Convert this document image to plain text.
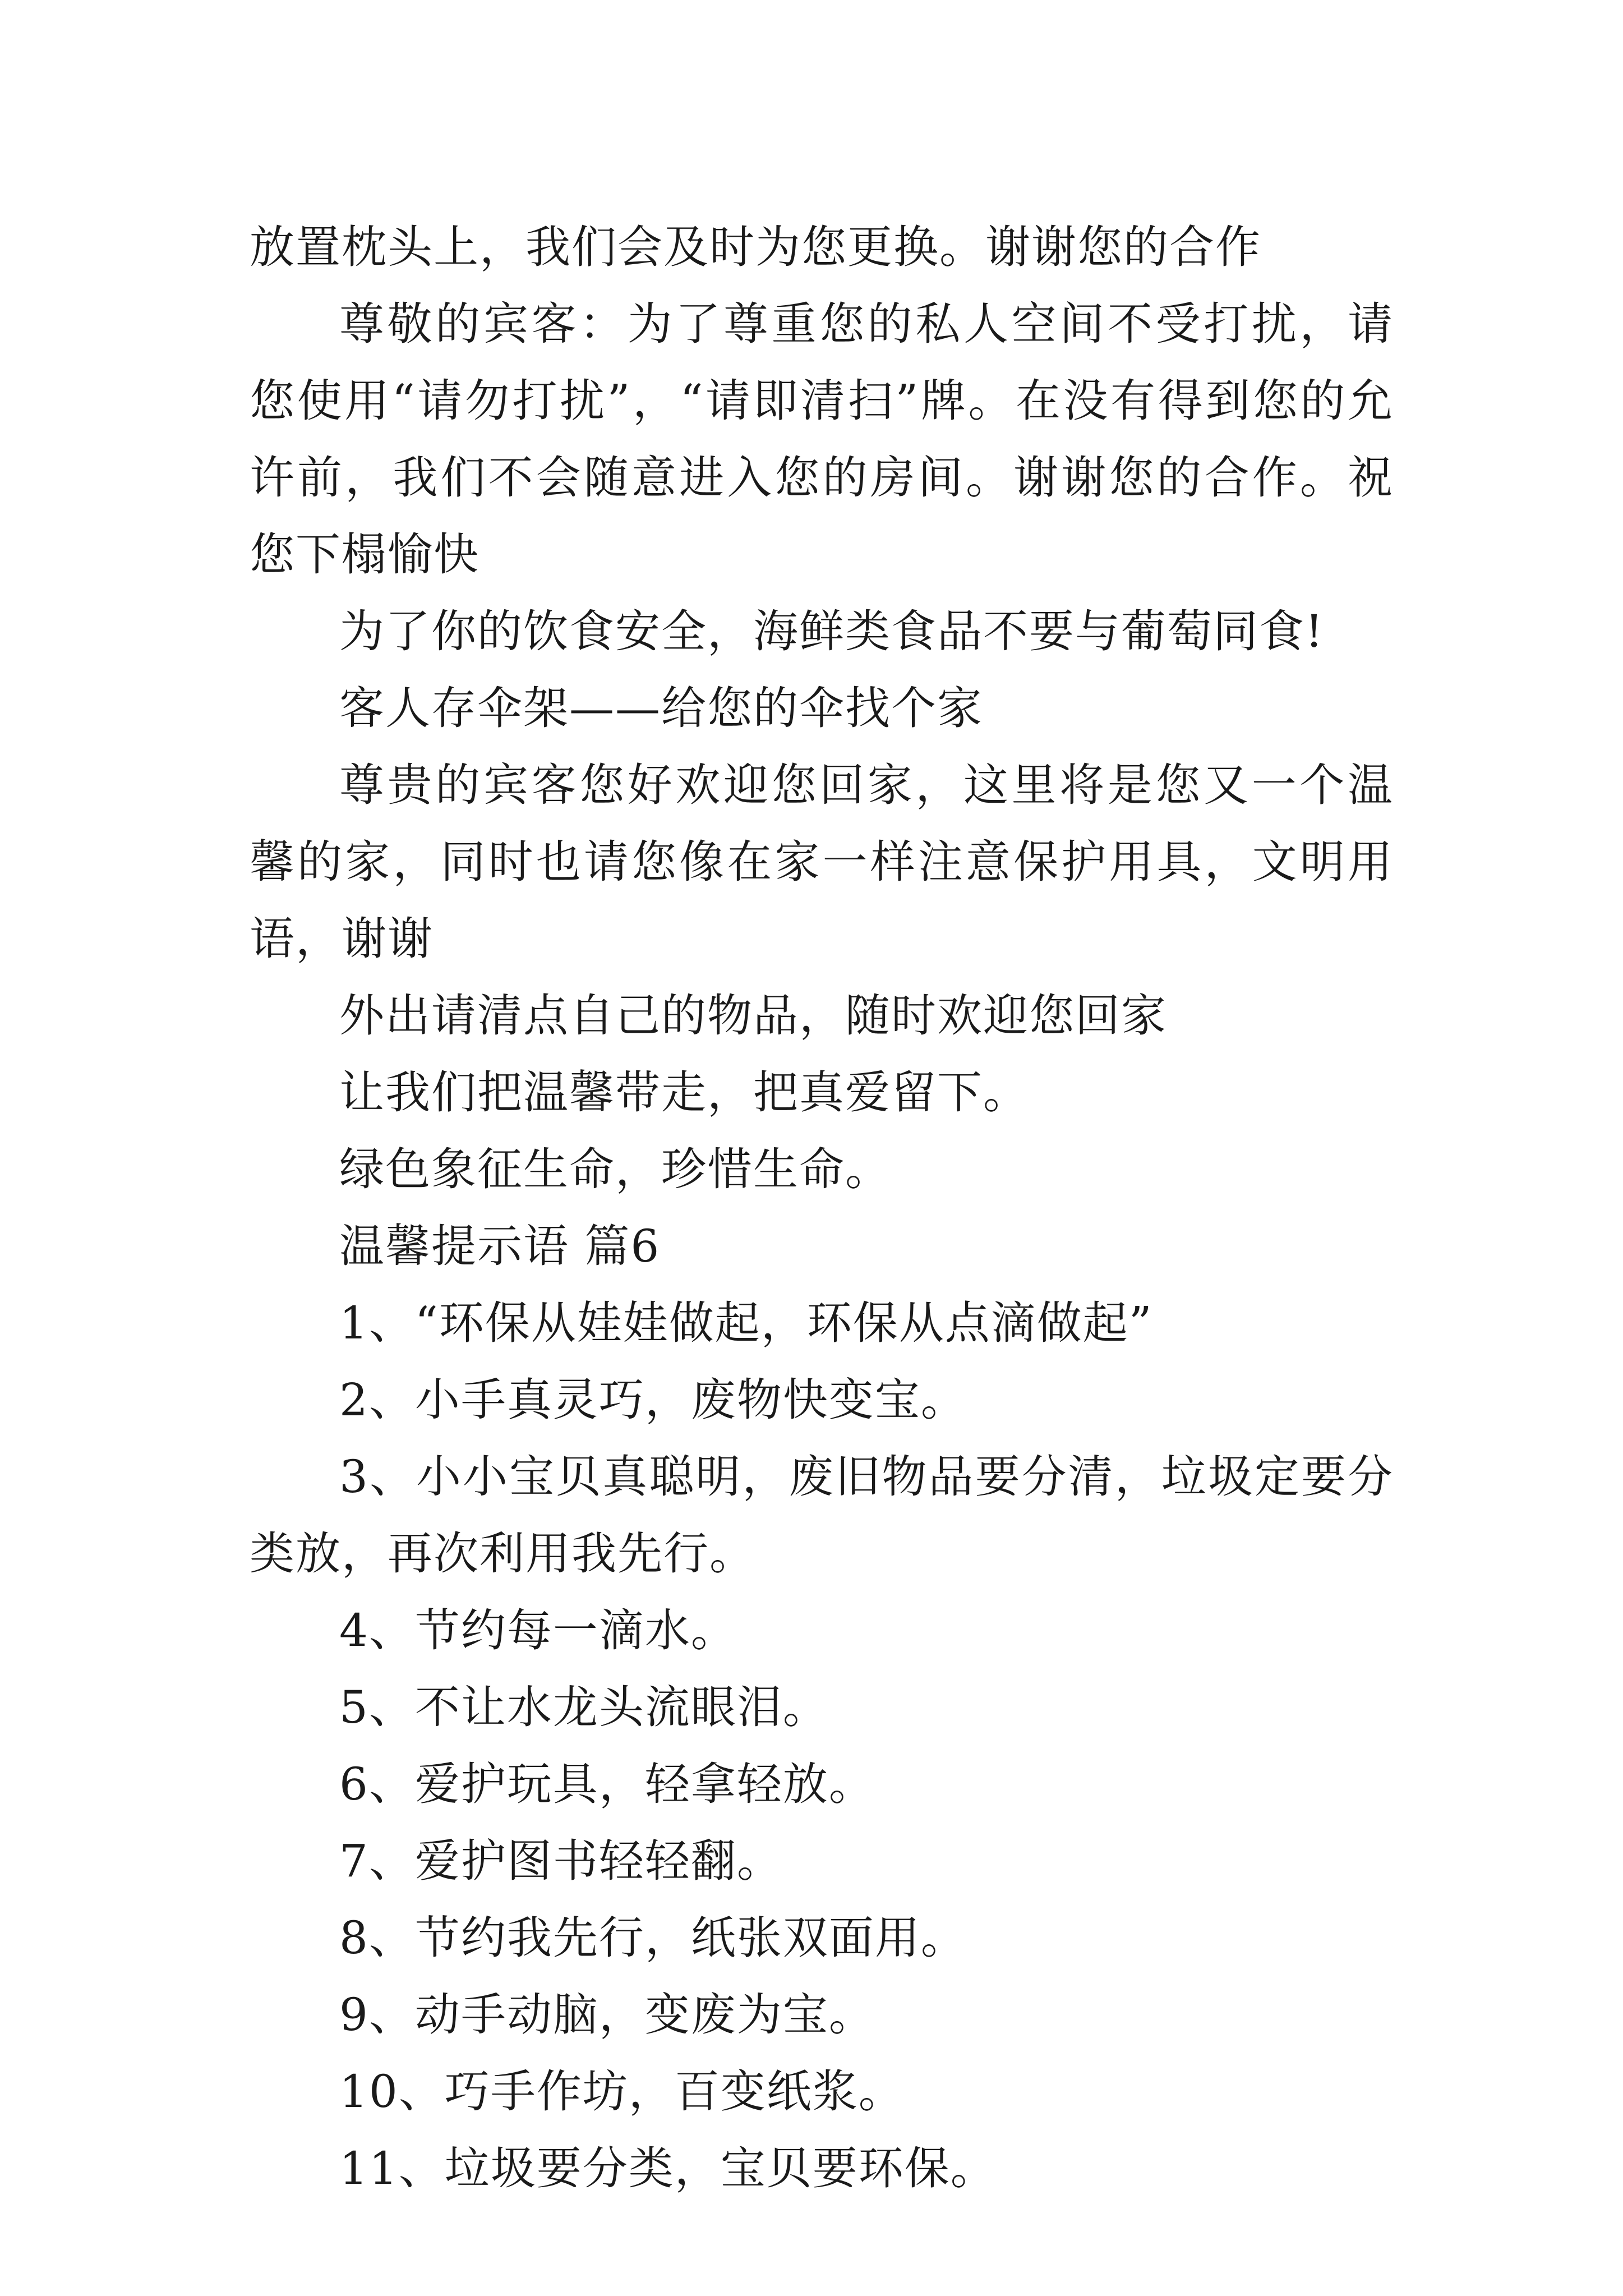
放置枕头上，我们会及时为您更换。谢谢您的合作

尊敬的宾客：为了尊重您的私人空间不受打扰，请您使用“请勿打扰”，“请即清扫”牌。在没有得到您的允许前，我们不会随意进入您的房间。谢谢您的合作。祝您下榻愉快

为了你的饮食安全，海鲜类食品不要与葡萄同食!

客人存伞架——给您的伞找个家

尊贵的宾客您好欢迎您回家，这里将是您又一个温馨的家，同时也请您像在家一样注意保护用具，文明用语，谢谢

外出请清点自己的物品，随时欢迎您回家

让我们把温馨带走，把真爱留下。

绿色象征生命，珍惜生命。

温馨提示语 篇6

1、“环保从娃娃做起，环保从点滴做起”

2、小手真灵巧，废物快变宝。

3、小小宝贝真聪明，废旧物品要分清，垃圾定要分类放，再次利用我先行。

4、节约每一滴水。

5、不让水龙头流眼泪。

6、爱护玩具，轻拿轻放。

7、爱护图书轻轻翻。

8、节约我先行，纸张双面用。

9、动手动脑，变废为宝。

10、巧手作坊，百变纸浆。

11、垃圾要分类，宝贝要环保。
